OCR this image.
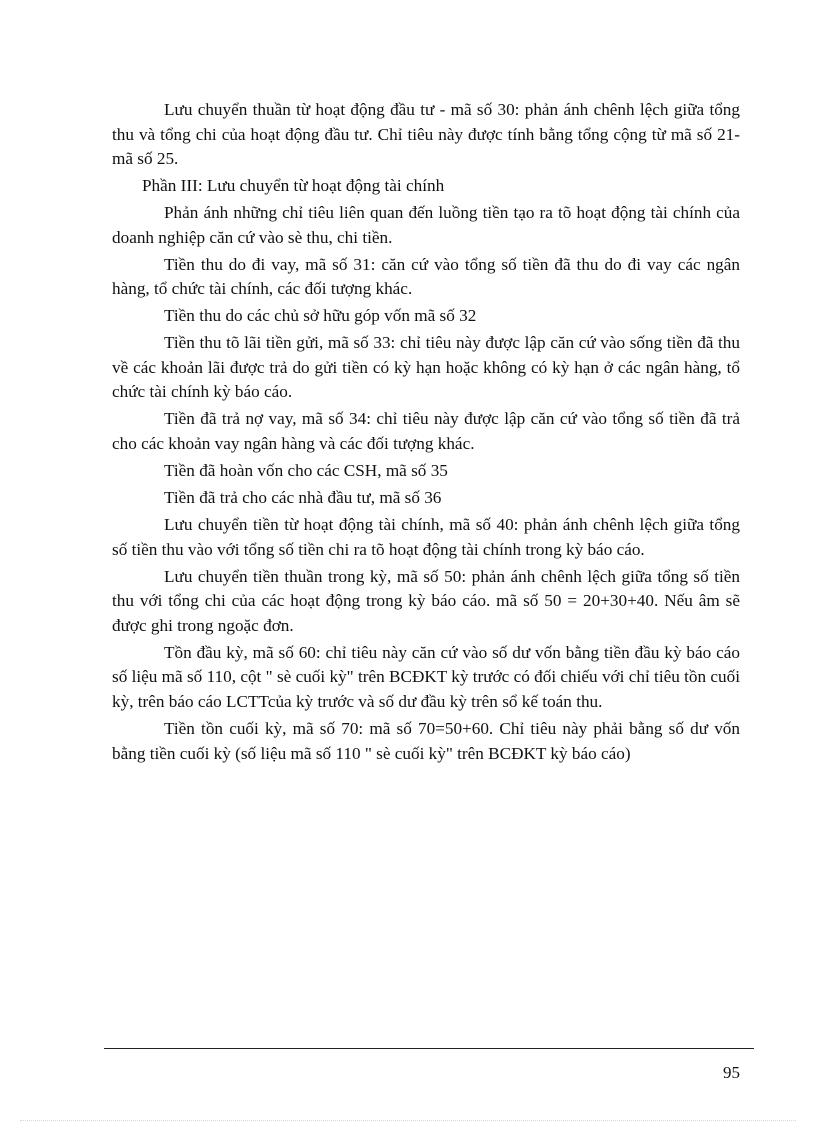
Lưu chuyển thuần từ hoạt động đầu tư - mã số 30: phản ánh chênh lệch giữa tổng thu và tổng chi của hoạt động đầu tư. Chỉ tiêu này được tính bằng tổng cộng từ mã số 21- mã số 25.

Phần III: Lưu chuyển từ hoạt động tài chính

Phản ánh những chỉ tiêu liên quan đến luồng tiền tạo ra tõ hoạt động tài chính của doanh nghiệp căn cứ vào sè thu, chi tiền.

Tiền thu do đi vay, mã số 31: căn cứ vào tổng số tiền đã thu do đi vay các ngân hàng, tổ chức tài chính, các đối tượng khác.

Tiền thu do các chủ sở hữu góp vốn mã số 32

Tiền thu tõ lãi tiền gửi, mã số 33: chỉ tiêu này được lập căn cứ vào sống tiền đã thu về các khoản lãi được trả do gửi tiền có kỳ hạn hoặc không có kỳ hạn ở các ngân hàng, tổ chức tài chính kỳ báo cáo.

Tiền đã trả nợ vay, mã số 34: chỉ tiêu này được lập căn cứ vào tổng số tiền đã trả cho các khoản vay ngân hàng và các đối tượng khác.

Tiền đã hoàn vốn cho các CSH, mã số 35

Tiền đã trả cho các nhà đầu tư, mã số 36

Lưu chuyển tiền từ hoạt động tài chính, mã số 40: phản ánh chênh lệch giữa tổng số tiền thu vào với tổng số tiền chi ra tõ hoạt động tài chính trong kỳ báo cáo.

Lưu chuyển tiền thuần trong kỳ, mã số 50: phản ánh chênh lệch giữa tổng số tiền thu với tổng chi của các hoạt động trong kỳ báo cáo. mã số 50 = 20+30+40. Nếu âm sẽ được ghi trong ngoặc đơn.

Tồn đầu kỳ, mã số 60: chỉ tiêu này căn cứ vào số dư vốn bằng tiền đầu kỳ báo cáo số liệu mã số 110, cột " sè cuối kỳ" trên BCĐKT kỳ trước có đối chiếu với chỉ tiêu tồn cuối kỳ, trên báo cáo LCTTcủa kỳ trước và số dư đầu kỳ trên sổ kế toán thu.

Tiền tồn cuối kỳ, mã số 70: mã số 70=50+60. Chỉ tiêu này phải bằng số dư vốn bằng tiền cuối kỳ (số liệu mã số 110 " sè cuối kỳ" trên BCĐKT kỳ báo cáo)

95
